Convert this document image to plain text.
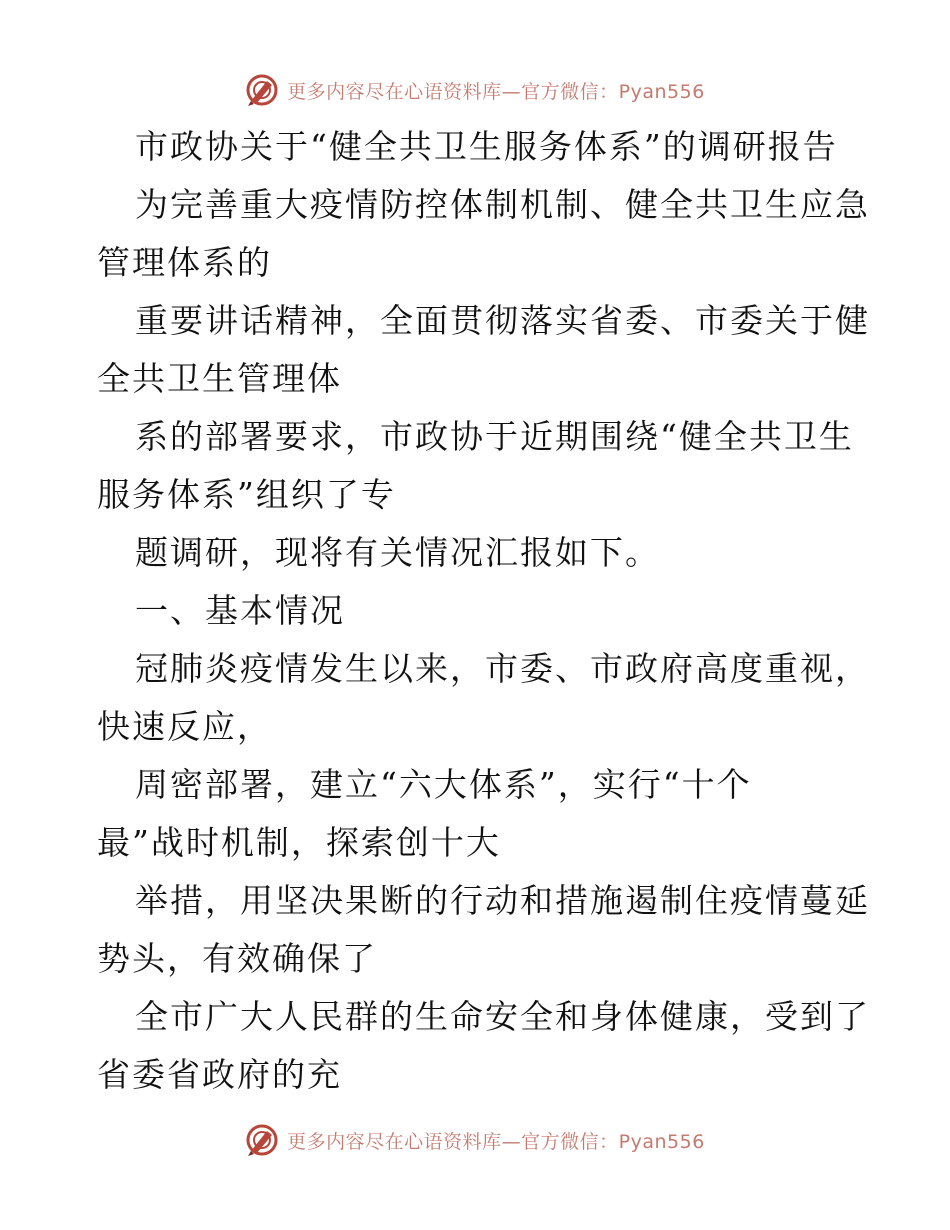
更多内容尽在心语资料库—官方微信：Pyan556
市政协关于“健全共卫生服务体系”的调研报告
为完善重大疫情防控体制机制、健全共卫生应急
管理体系的
重要讲话精神，全面贯彻落实省委、市委关于健
全共卫生管理体
系的部署要求，市政协于近期围绕“健全共卫生
服务体系”组织了专
题调研，现将有关情况汇报如下。
一、基本情况
冠肺炎疫情发生以来，市委、市政府高度重视，
快速反应，
周密部署，建立“六大体系”，实行“十个
最”战时机制，探索创十大
举措，用坚决果断的行动和措施遏制住疫情蔓延
势头，有效确保了
全市广大人民群的生命安全和身体健康，受到了
省委省政府的充
更多内容尽在心语资料库—官方微信：Pyan556
